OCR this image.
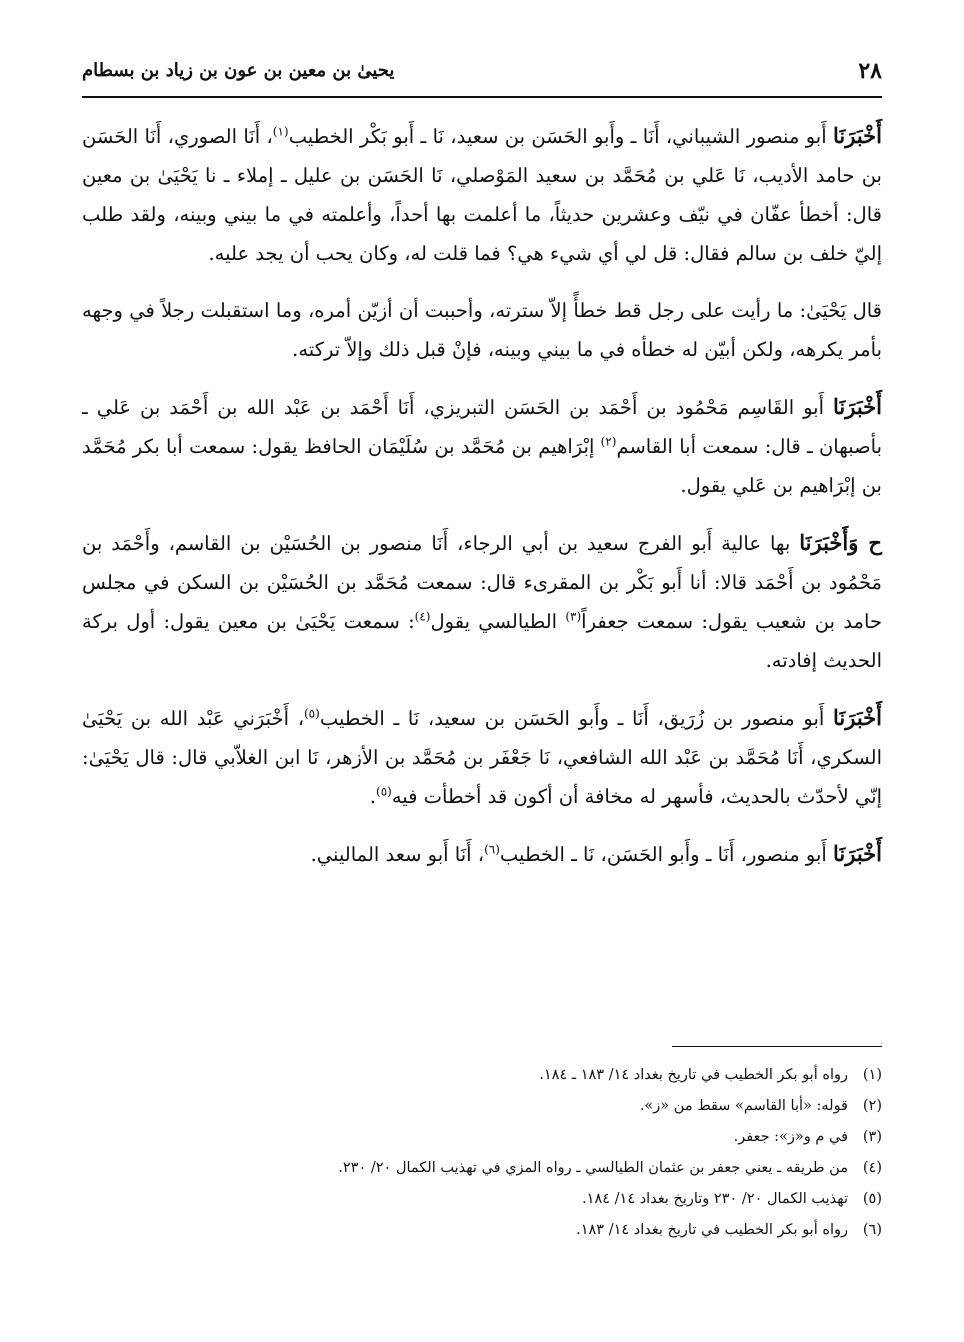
٢٨
يحيىٰ بن معين بن عون بن زياد بن بسطام

أَخْبَرَنَا أَبو منصور الشيباني، أَنَا ـ وأَبو الحَسَن بن سعيد، نَا ـ أَبو بَكْر الخطيب$^{(١)}$، أَنَا الصوري، أَنَا الحَسَن بن حامد الأديب، نَا عَلي بن مُحَمَّد بن سعيد المَوْصلي، نَا الحَسَن بن عليل ـ إملاء ـ نا يَحْيَىٰ بن معين قال: أخطأ عفّان في نيّف وعشرين حديثاً، ما أعلمت بها أحداً، وأعلمته في ما بيني وبينه، ولقد طلب إليّ خلف بن سالم فقال: قل لي أي شيء هي؟ فما قلت له، وكان يحب أن يجد عليه.

قال يَحْيَىٰ: ما رأيت على رجل قط خطأً إلاّ سترته، وأحببت أن أزيّن أمره، وما استقبلت رجلاً في وجهه بأمر يكرهه، ولكن أبيّن له خطأه في ما بيني وبينه، فإنْ قبل ذلك وإلاّ تركته.

أَخْبَرَنَا أَبو القَاسِم مَحْمُود بن أَحْمَد بن الحَسَن التبريزي، أَنَا أَحْمَد بن عَبْد الله بن أَحْمَد بن عَلي ـ بأصبهان ـ قال: سمعت أبا القاسم$^{(٢)}$ إبْرَاهيم بن مُحَمَّد بن سُلَيْمَان الحافظ يقول: سمعت أبا بكر مُحَمَّد بن إبْرَاهيم بن عَلي يقول.

ح وَأَخْبَرَنَا بها عالية أَبو الفرج سعيد بن أبي الرجاء، أَنَا منصور بن الحُسَيْن بن القاسم، وأَحْمَد بن مَحْمُود بن أَحْمَد قالا: أنا أَبو بَكْر بن المقرىء قال: سمعت مُحَمَّد بن الحُسَيْن بن السكن في مجلس حامد بن شعيب يقول: سمعت جعفراً$^{(٣)}$ الطيالسي يقول$^{(٤)}$: سمعت يَحْيَىٰ بن معين يقول: أول بركة الحديث إفادته.

أَخْبَرَنَا أَبو منصور بن زُرَيق، أَنَا ـ وأَبو الحَسَن بن سعيد، نَا ـ الخطيب$^{(٥)}$، أَخْبَرَني عَبْد الله بن يَحْيَىٰ السكري، أَنَا مُحَمَّد بن عَبْد الله الشافعي، نَا جَعْفَر بن مُحَمَّد بن الأزهر، نَا ابن الغلاّبي قال: قال يَحْيَىٰ: إنّي لأحدّث بالحديث، فأسهر له مخافة أن أكون قد أخطأت فيه$^{(٥)}$.

أَخْبَرَنَا أَبو منصور، أَنَا ـ وأَبو الحَسَن، نَا ـ الخطيب$^{(٦)}$، أَنَا أَبو سعد الماليني.

(١)رواه أبو بكر الخطيب في تاريخ بغداد ١٤/ ١٨٣ ـ ١٨٤.

(٢)قوله: «أبا القاسم» سقط من «ز».

(٣)في م و«ز»: جعفر.

(٤)من طريقه ـ يعني جعفر بن عثمان الطيالسي ـ رواه المزي في تهذيب الكمال ٢٠/ ٢٣٠.

(٥)تهذيب الكمال ٢٠/ ٢٣٠ وتاريخ بغداد ١٤/ ١٨٤.

(٦)رواه أبو بكر الخطيب في تاريخ بغداد ١٤/ ١٨٣.
